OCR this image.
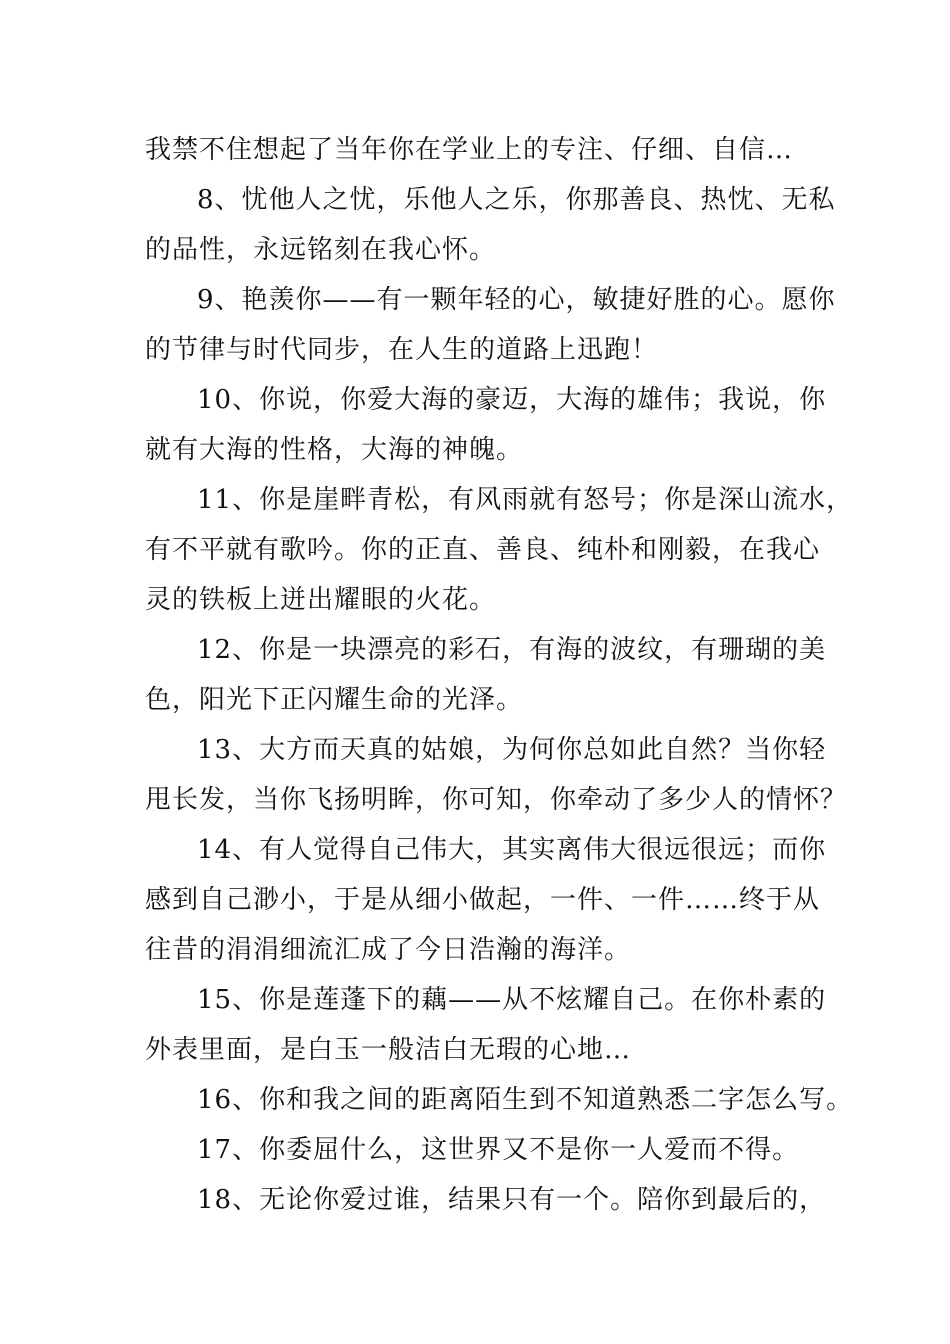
我禁不住想起了当年你在学业上的专注、仔细、自信…

8、忧他人之忧，乐他人之乐，你那善良、热忱、无私

的品性，永远铭刻在我心怀。

9、艳羡你——有一颗年轻的心，敏捷好胜的心。愿你

的节律与时代同步，在人生的道路上迅跑！

10、你说，你爱大海的豪迈，大海的雄伟；我说，你

就有大海的性格，大海的神魄。

11、你是崖畔青松，有风雨就有怒号；你是深山流水，

有不平就有歌吟。你的正直、善良、纯朴和刚毅，在我心

灵的铁板上迸出耀眼的火花。

12、你是一块漂亮的彩石，有海的波纹，有珊瑚的美

色，阳光下正闪耀生命的光泽。

13、大方而天真的姑娘，为何你总如此自然？当你轻

甩长发，当你飞扬明眸，你可知，你牵动了多少人的情怀？

14、有人觉得自己伟大，其实离伟大很远很远；而你

感到自己渺小，于是从细小做起，一件、一件……终于从

往昔的涓涓细流汇成了今日浩瀚的海洋。

15、你是莲蓬下的藕——从不炫耀自己。在你朴素的

外表里面，是白玉一般洁白无瑕的心地…

16、你和我之间的距离陌生到不知道熟悉二字怎么写。

17、你委屈什么，这世界又不是你一人爱而不得。

18、无论你爱过谁，结果只有一个。陪你到最后的，
